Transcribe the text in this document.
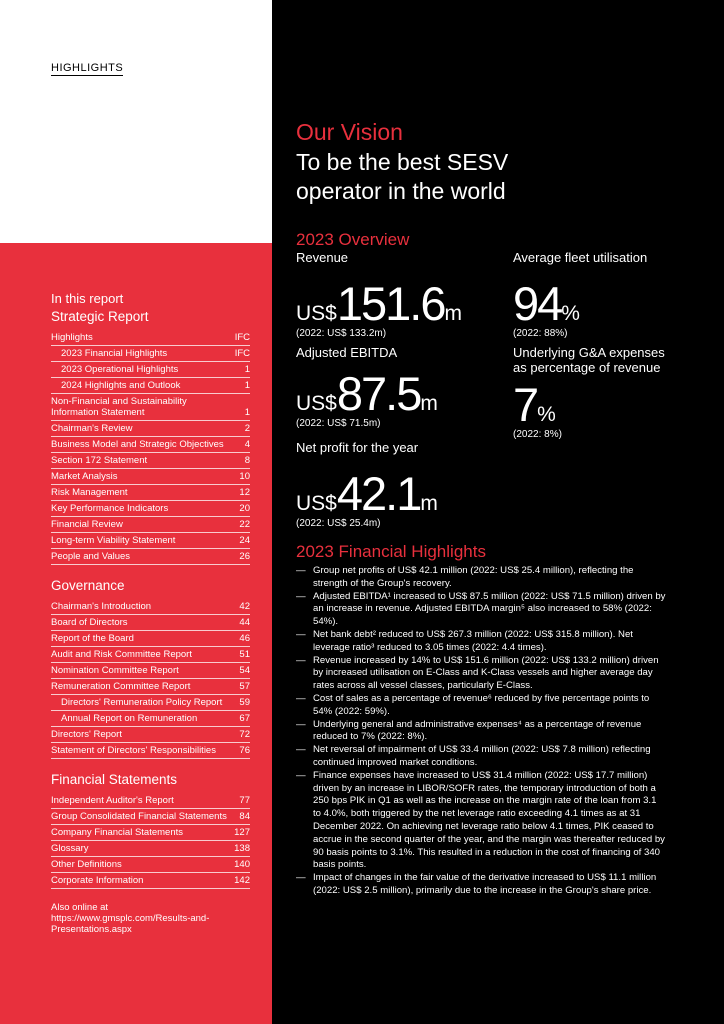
HIGHLIGHTS
In this report
Strategic Report
Highlights	IFC
2023 Financial Highlights	IFC
2023 Operational Highlights	1
2024 Highlights and Outlook	1
Non-Financial and Sustainability Information Statement	1
Chairman's Review	2
Business Model and Strategic Objectives 4
Section 172 Statement	8
Market Analysis	10
Risk Management	12
Key Performance Indicators	20
Financial Review	22
Long-term Viability Statement	24
People and Values	26
Governance
Chairman's Introduction	42
Board of Directors	44
Report of the Board	46
Audit and Risk Committee Report	51
Nomination Committee Report	54
Remuneration Committee Report	57
Directors' Remuneration Policy Report 59
Annual Report on Remuneration	67
Directors' Report	72
Statement of Directors' Responsibilities 76
Financial Statements
Independent Auditor's Report	77
Group Consolidated Financial Statements 84
Company Financial Statements	127
Glossary	138
Other Definitions	140
Corporate Information	142
Also online at https://www.gmsplc.com/Results-and-Presentations.aspx
Our Vision
To be the best SESV operator in the world
2023 Overview
Revenue
US$ 151.6 m
(2022: US$ 133.2m)
Adjusted EBITDA
US$ 87.5 m
(2022: US$ 71.5m)
Net profit for the year
US$ 42.1 m
(2022: US$ 25.4m)
Average fleet utilisation
94 %
(2022: 88%)
Underlying G&A expenses as percentage of revenue
7 %
(2022: 8%)
2023 Financial Highlights
— Group net profits of US$ 42.1 million (2022: US$ 25.4 million), reflecting the strength of the Group's recovery.
— Adjusted EBITDA¹ increased to US$ 87.5 million (2022: US$ 71.5 million) driven by an increase in revenue. Adjusted EBITDA margin⁵ also increased to 58% (2022: 54%).
— Net bank debt² reduced to US$ 267.3 million (2022: US$ 315.8 million). Net leverage ratio³ reduced to 3.05 times (2022: 4.4 times).
— Revenue increased by 14% to US$ 151.6 million (2022: US$ 133.2 million) driven by increased utilisation on E-Class and K-Class vessels and higher average day rates across all vessel classes, particularly E-Class.
— Cost of sales as a percentage of revenue⁶ reduced by five percentage points to 54% (2022: 59%).
— Underlying general and administrative expenses⁴ as a percentage of revenue reduced to 7% (2022: 8%).
— Net reversal of impairment of US$ 33.4 million (2022: US$ 7.8 million) reflecting continued improved market conditions.
— Finance expenses have increased to US$ 31.4 million (2022: US$ 17.7 million) driven by an increase in LIBOR/SOFR rates, the temporary introduction of both a 250 bps PIK in Q1 as well as the increase on the margin rate of the loan from 3.1 to 4.0%, both triggered by the net leverage ratio exceeding 4.1 times as at 31 December 2022. On achieving net leverage ratio below 4.1 times, PIK ceased to accrue in the second quarter of the year, and the margin was thereafter reduced by 90 basis points to 3.1%. This resulted in a reduction in the cost of financing of 340 basis points.
— Impact of changes in the fair value of the derivative increased to US$ 11.1 million (2022: US$ 2.5 million), primarily due to the increase in the Group's share price.
